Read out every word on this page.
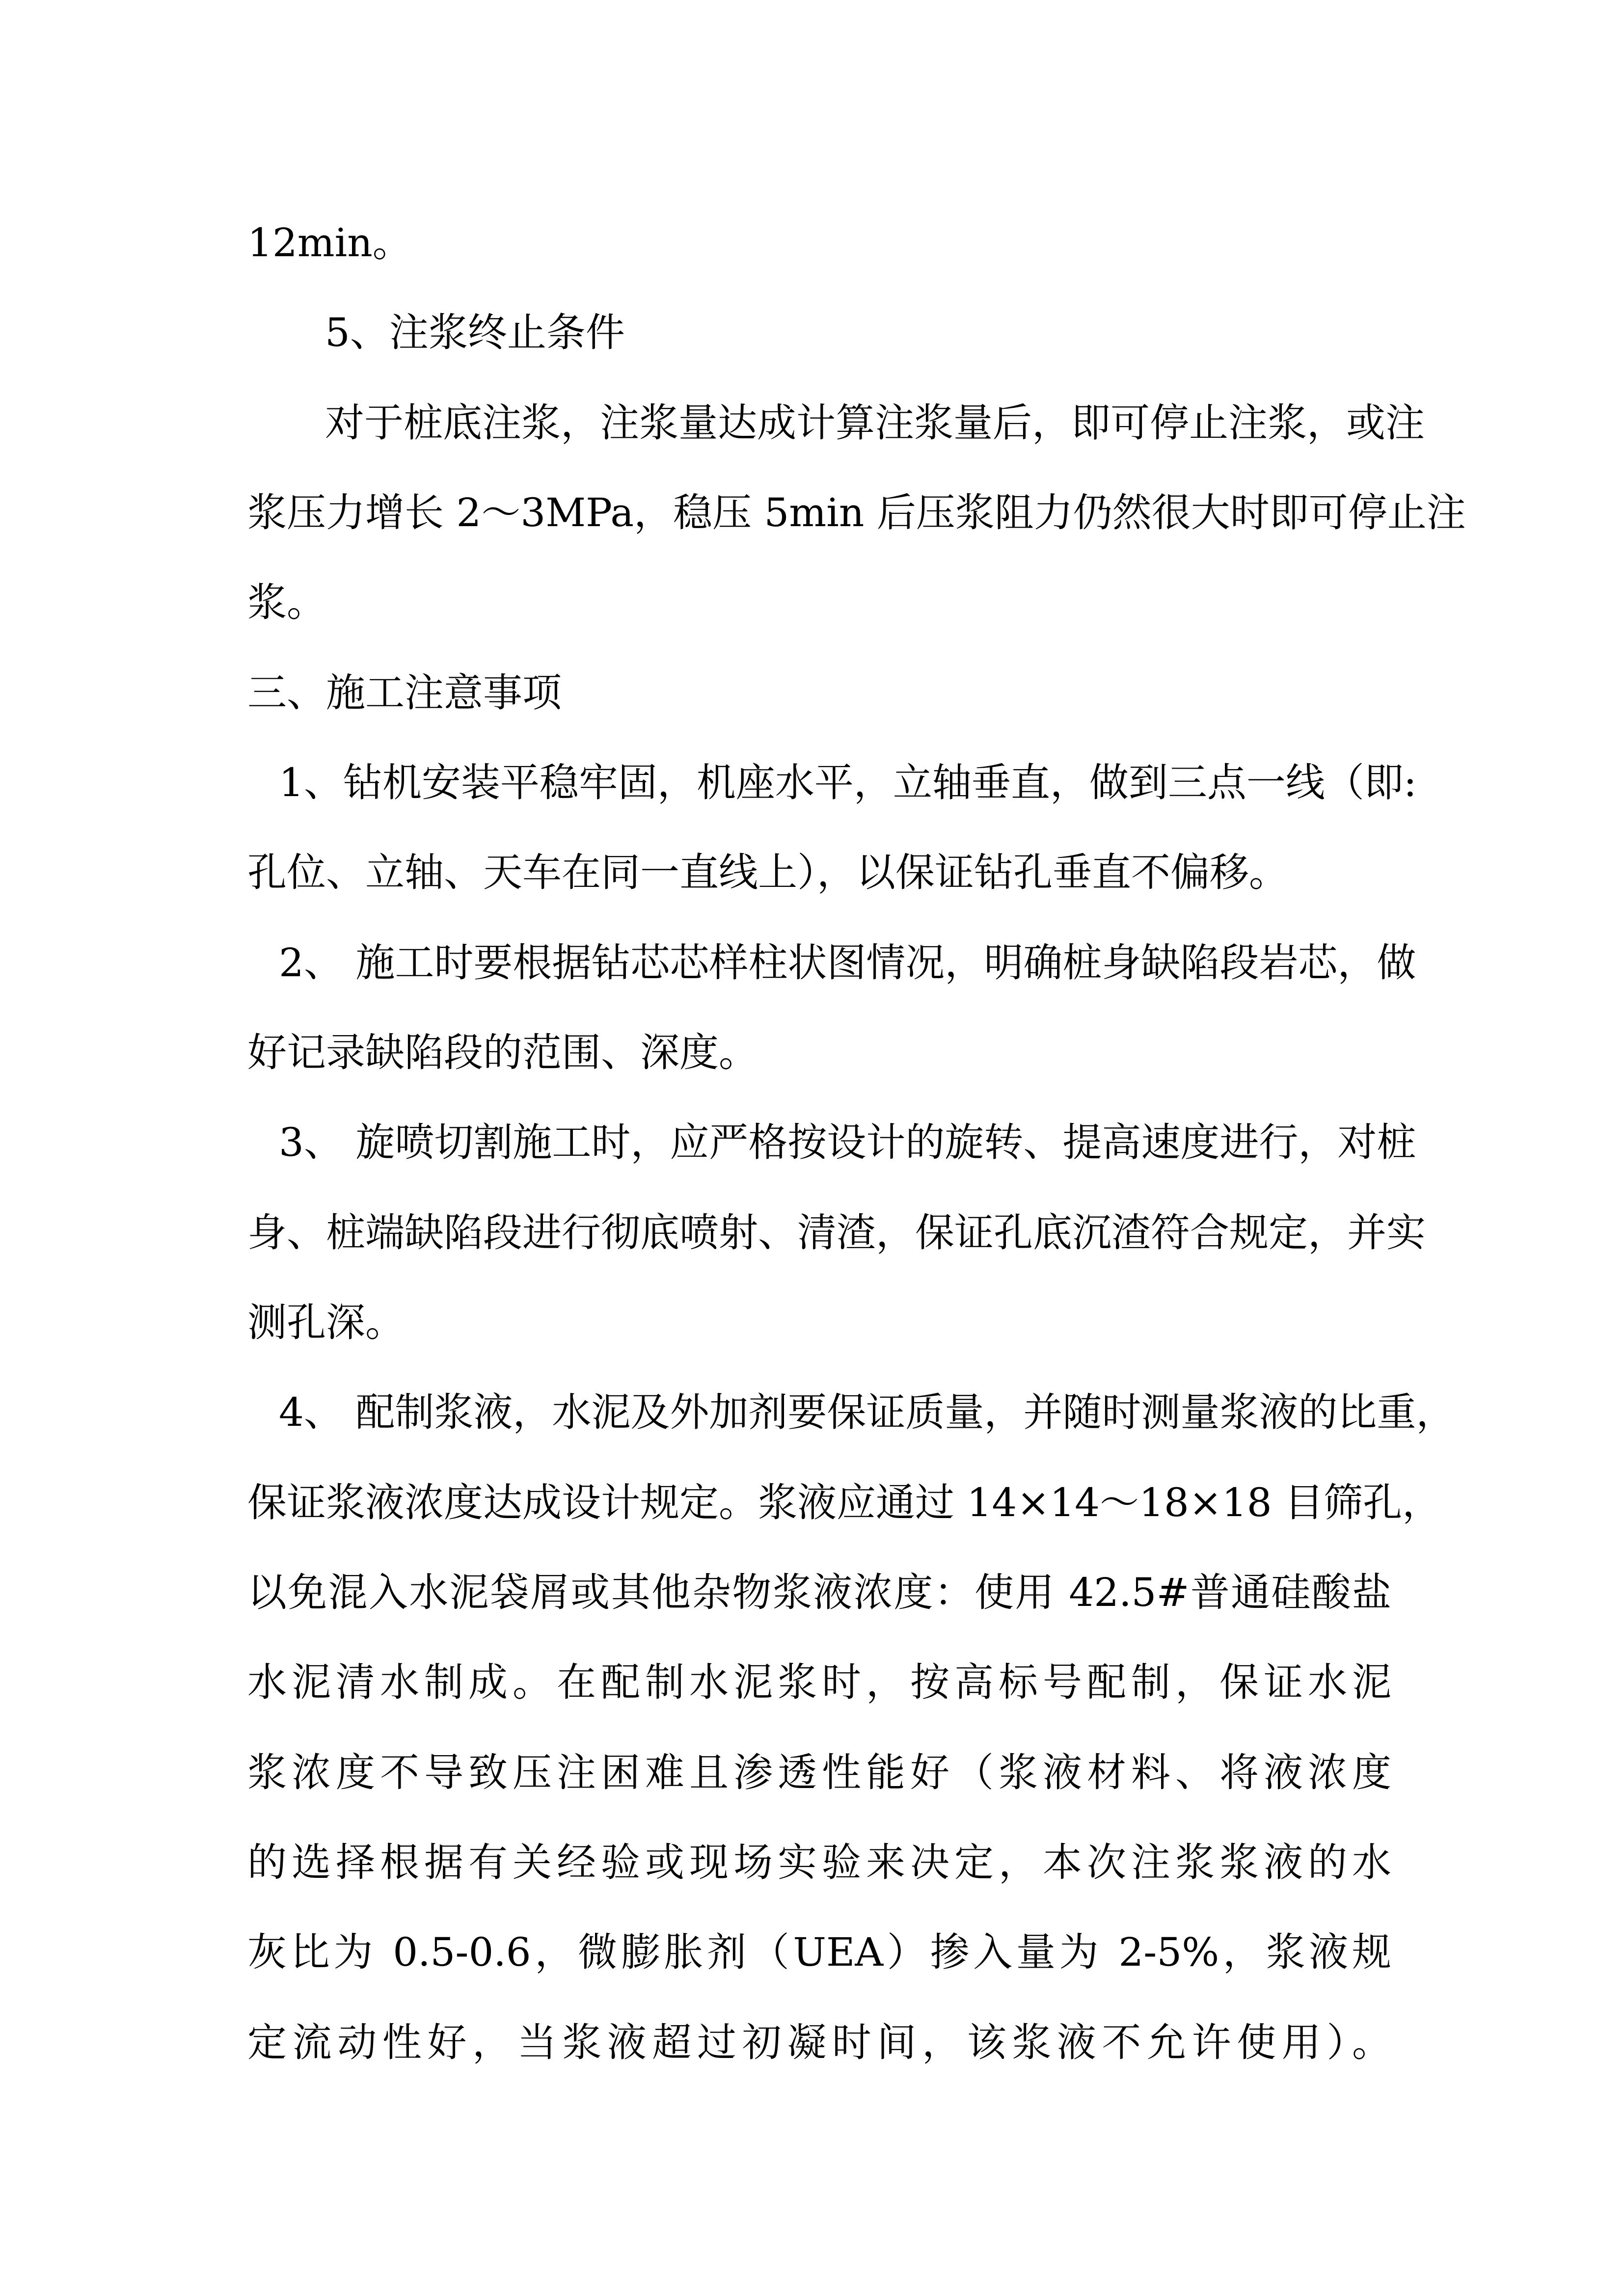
12min。
5、注浆终止条件
对于桩底注浆，注浆量达成计算注浆量后，即可停止注浆，或注
浆压力增长 2～3MPa，稳压 5min 后压浆阻力仍然很大时即可停止注
浆。
三、施工注意事项
1、钻机安装平稳牢固，机座水平，立轴垂直，做到三点一线（即:
孔位、立轴、天车在同一直线上），以保证钻孔垂直不偏移。
2、 施工时要根据钻芯芯样柱状图情况，明确桩身缺陷段岩芯，做
好记录缺陷段的范围、深度。
3、 旋喷切割施工时，应严格按设计的旋转、提高速度进行，对桩
身、桩端缺陷段进行彻底喷射、清渣，保证孔底沉渣符合规定，并实
测孔深。
4、 配制浆液，水泥及外加剂要保证质量，并随时测量浆液的比重，
保证浆液浓度达成设计规定。浆液应通过 14×14～18×18 目筛孔，
以免混入水泥袋屑或其他杂物浆液浓度：使用 42.5#普通硅酸盐
水泥清水制成。在配制水泥浆时，按高标号配制，保证水泥
浆浓度不导致压注困难且渗透性能好（浆液材料、将液浓度
的选择根据有关经验或现场实验来决定，本次注浆浆液的水
灰比为 0.5-0.6，微膨胀剂（UEA）掺入量为 2-5%，浆液规
定流动性好，当浆液超过初凝时间，该浆液不允许使用）。
